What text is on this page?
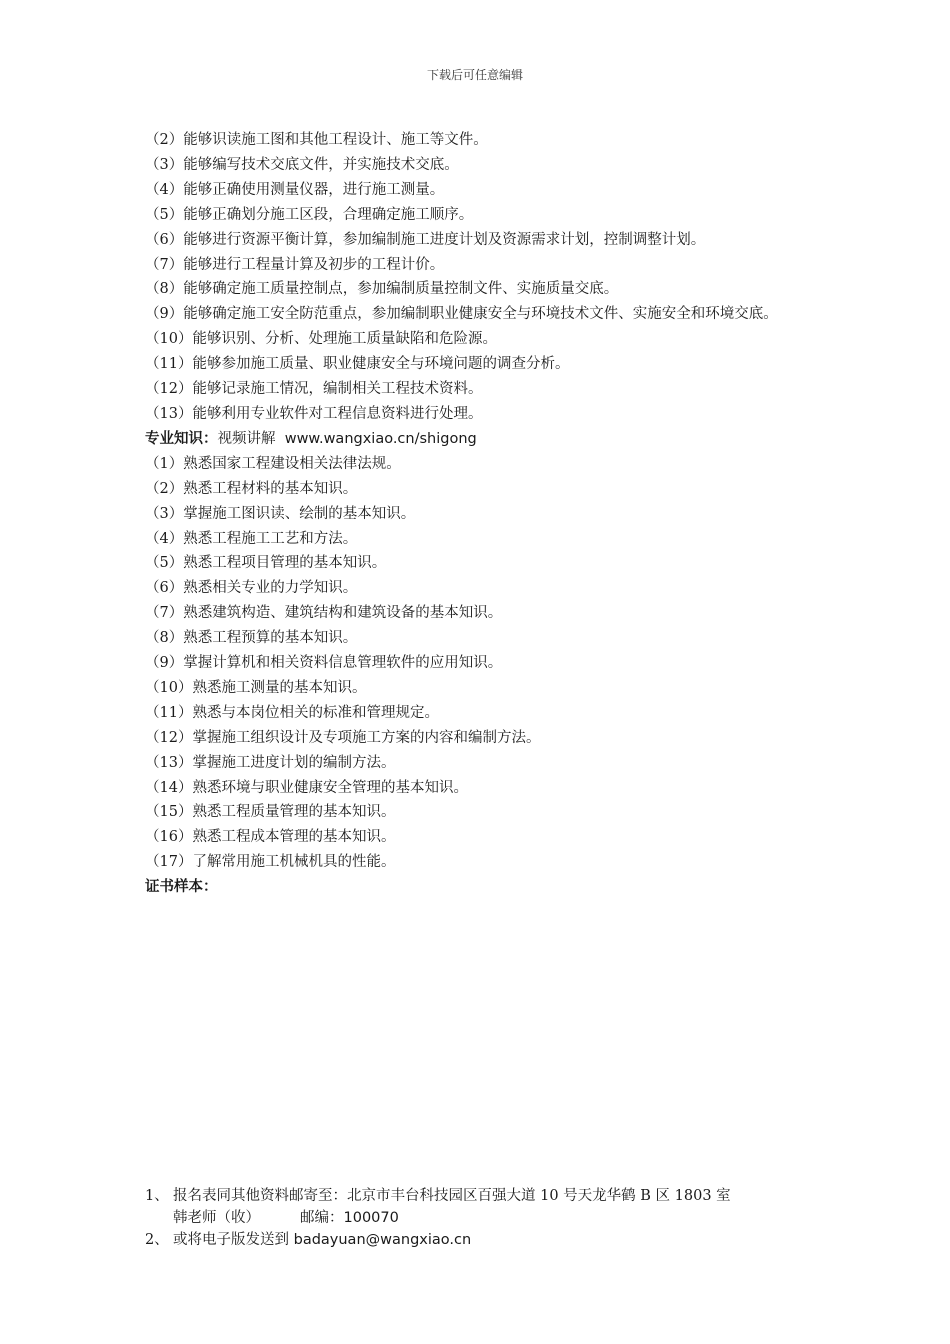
下载后可任意编辑

（2）能够识读施工图和其他工程设计、施工等文件。

（3）能够编写技术交底文件，并实施技术交底。

（4）能够正确使用测量仪器，进行施工测量。

（5）能够正确划分施工区段，合理确定施工顺序。

（6）能够进行资源平衡计算，参加编制施工进度计划及资源需求计划，控制调整计划。

（7）能够进行工程量计算及初步的工程计价。

（8）能够确定施工质量控制点，参加编制质量控制文件、实施质量交底。

（9）能够确定施工安全防范重点，参加编制职业健康安全与环境技术文件、实施安全和环境交底。

（10）能够识别、分析、处理施工质量缺陷和危险源。

（11）能够参加施工质量、职业健康安全与环境问题的调查分析。

（12）能够记录施工情况，编制相关工程技术资料。

（13）能够利用专业软件对工程信息资料进行处理。

专业知识：视频讲解 www.wangxiao.cn/shigong

（1）熟悉国家工程建设相关法律法规。

（2）熟悉工程材料的基本知识。

（3）掌握施工图识读、绘制的基本知识。

（4）熟悉工程施工工艺和方法。

（5）熟悉工程项目管理的基本知识。

（6）熟悉相关专业的力学知识。

（7）熟悉建筑构造、建筑结构和建筑设备的基本知识。

（8）熟悉工程预算的基本知识。

（9）掌握计算机和相关资料信息管理软件的应用知识。

（10）熟悉施工测量的基本知识。

（11）熟悉与本岗位相关的标准和管理规定。

（12）掌握施工组织设计及专项施工方案的内容和编制方法。

（13）掌握施工进度计划的编制方法。

（14）熟悉环境与职业健康安全管理的基本知识。

（15）熟悉工程质量管理的基本知识。

（16）熟悉工程成本管理的基本知识。

（17）了解常用施工机械机具的性能。

证书样本：

1、 报名表同其他资料邮寄至：北京市丰台科技园区百强大道 10 号天龙华鹤 B 区 1803 室
韩老师（收）	邮编：100070
2、 或将电子版发送到 badayuan@wangxiao.cn
